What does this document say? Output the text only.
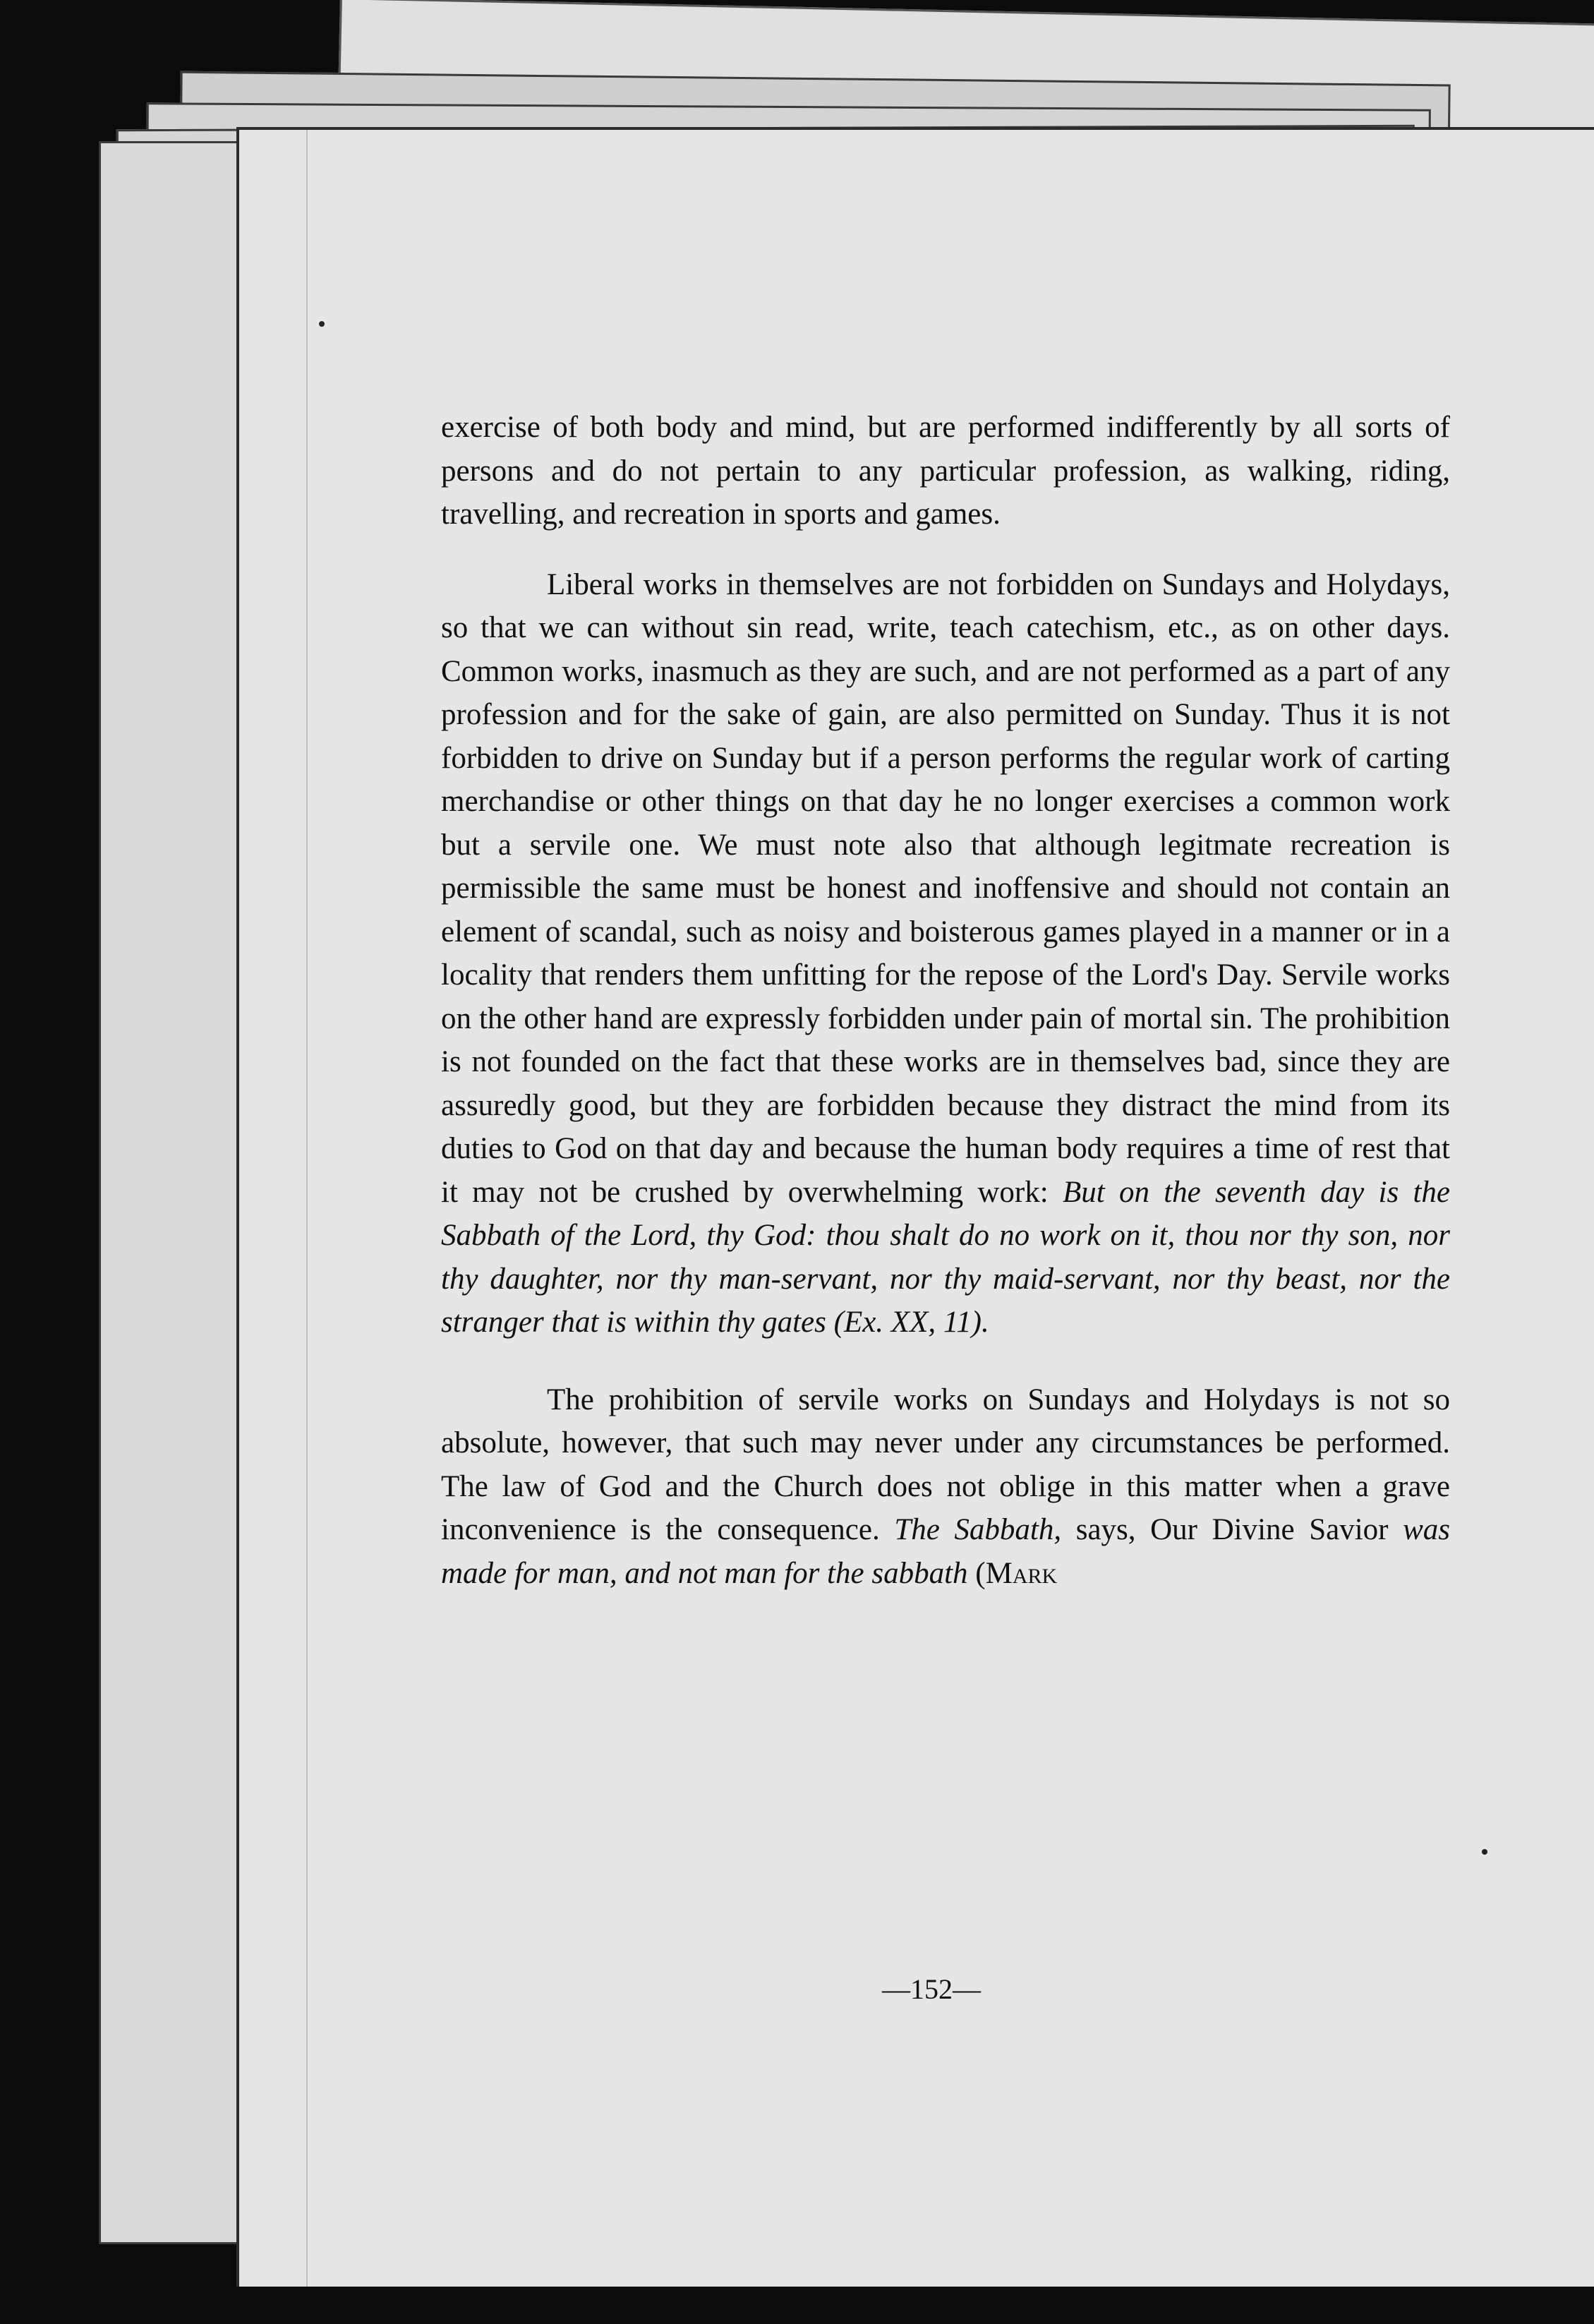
exercise of both body and mind, but are performed indifferently by all sorts of persons and do not pertain to any particular profession, as walking, riding, travelling, and recreation in sports and games.

Liberal works in themselves are not forbidden on Sundays and Holydays, so that we can without sin read, write, teach catechism, etc., as on other days. Common works, inasmuch as they are such, and are not performed as a part of any profession and for the sake of gain, are also permitted on Sunday. Thus it is not forbidden to drive on Sunday but if a person performs the regular work of carting merchandise or other things on that day he no longer exercises a common work but a servile one. We must note also that although legitmate recreation is permissible the same must be honest and inoffensive and should not contain an element of scandal, such as noisy and boisterous games played in a manner or in a locality that renders them unfitting for the repose of the Lord's Day. Servile works on the other hand are expressly forbidden under pain of mortal sin. The prohibition is not founded on the fact that these works are in themselves bad, since they are assuredly good, but they are forbidden because they distract the mind from its duties to God on that day and because the human body requires a time of rest that it may not be crushed by overwhelming work: But on the seventh day is the Sabbath of the Lord, thy God: thou shalt do no work on it, thou nor thy son, nor thy daughter, nor thy man-servant, nor thy maid-servant, nor thy beast, nor the stranger that is within thy gates (Ex. XX, 11).

The prohibition of servile works on Sundays and Holydays is not so absolute, however, that such may never under any circumstances be performed. The law of God and the Church does not oblige in this matter when a grave inconvenience is the consequence. The Sabbath, says, Our Divine Savior was made for man, and not man for the sabbath (Mark

—152—
